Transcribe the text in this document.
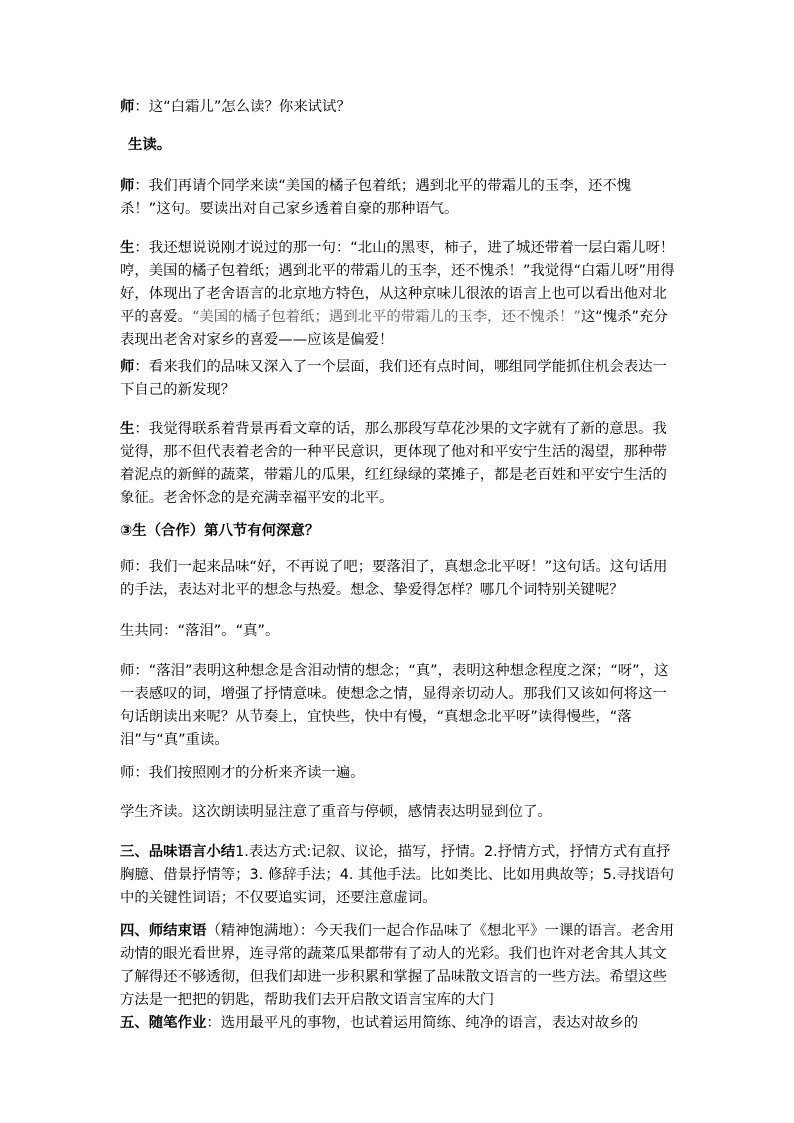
师：这“白霜儿”怎么读？你来试试？

生读。

师：我们再请个同学来读“美国的橘子包着纸；遇到北平的带霜儿的玉李，还不愧杀！”这句。要读出对自己家乡透着自豪的那种语气。

生：我还想说说刚才说过的那一句：“北山的黑枣，柿子，进了城还带着一层白霜儿呀！哼，美国的橘子包着纸；遇到北平的带霜儿的玉李，还不愧杀！”我觉得“白霜儿呀”用得好，体现出了老舍语言的北京地方特色，从这种京味儿很浓的语言上也可以看出他对北平的喜爱。“美国的橘子包着纸；遇到北平的带霜儿的玉李，还不愧杀！”这“愧杀”充分表现出老舍对家乡的喜爱——应该是偏爱！

师：看来我们的品味又深入了一个层面，我们还有点时间，哪组同学能抓住机会表达一下自己的新发现？

生：我觉得联系着背景再看文章的话，那么那段写草花沙果的文字就有了新的意思。我觉得，那不但代表着老舍的一种平民意识，更体现了他对和平安宁生活的渴望，那种带着泥点的新鲜的蔬菜，带霜儿的瓜果，红红绿绿的菜摊子，都是老百姓和平安宁生活的象征。老舍怀念的是充满幸福平安的北平。

③生（合作）第八节有何深意？

师：我们一起来品味“好，不再说了吧；要落泪了，真想念北平呀！”这句话。这句话用的手法，表达对北平的想念与热爱。想念、挚爱得怎样？哪几个词特别关键呢？

生共同：“落泪”。“真”。

师：“落泪”表明这种想念是含泪动情的想念；“真”，表明这种想念程度之深；“呀”，这一表感叹的词，增强了抒情意味。使想念之情，显得亲切动人。那我们又该如何将这一句话朗读出来呢？从节奏上，宜快些，快中有慢，“真想念北平呀”读得慢些，“落泪”与“真”重读。

师：我们按照刚才的分析来齐读一遍。

学生齐读。这次朗读明显注意了重音与停顿，感情表达明显到位了。

三、品味语言小结1.表达方式:记叙、议论，描写，抒情。2.抒情方式，抒情方式有直抒胸臆、借景抒情等；3. 修辞手法；4. 其他手法。比如类比、比如用典故等；5.寻找语句中的关键性词语；不仅要追实词，还要注意虚词。

四、师结束语（精神饱满地）：今天我们一起合作品味了《想北平》一课的语言。老舍用动情的眼光看世界，连寻常的蔬菜瓜果都带有了动人的光彩。我们也许对老舍其人其文了解得还不够透彻，但我们却进一步积累和掌握了品味散文语言的一些方法。希望这些方法是一把把的钥匙，帮助我们去开启散文语言宝库的大门

五、随笔作业：选用最平凡的事物，也试着运用简练、纯净的语言，表达对故乡的
